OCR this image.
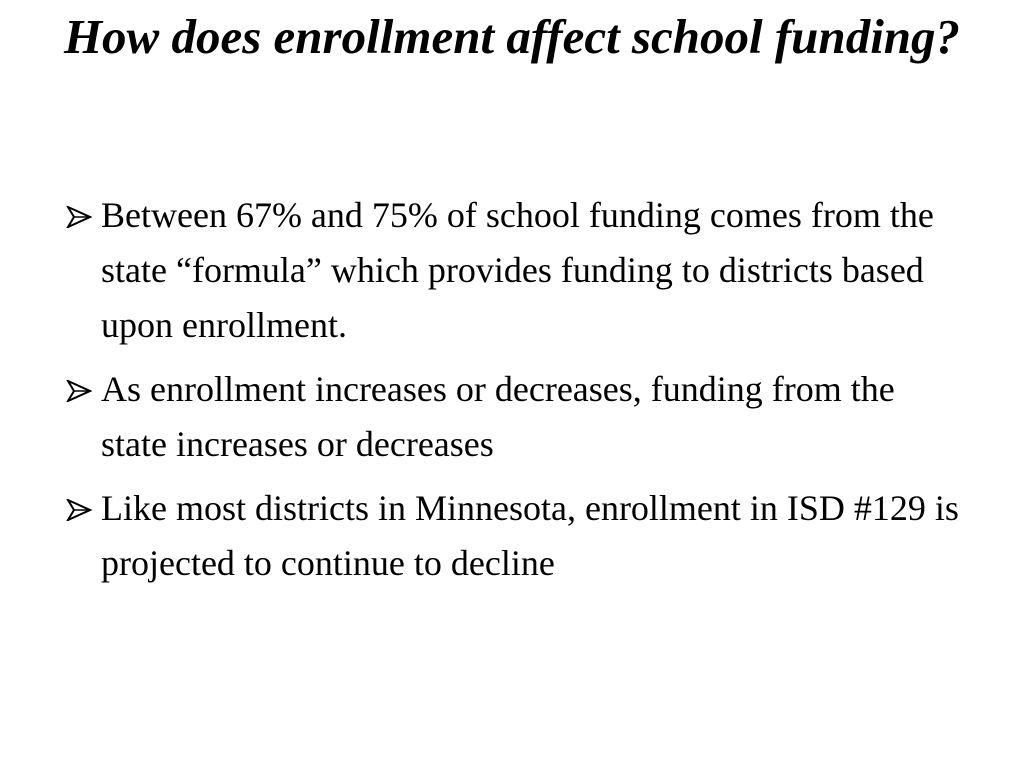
How does enrollment affect school funding?
Between 67% and 75% of school funding comes from the state “formula” which provides funding to districts based upon enrollment.
As enrollment increases or decreases, funding from the state increases or decreases
Like most districts in Minnesota, enrollment in ISD #129 is projected to continue to decline
